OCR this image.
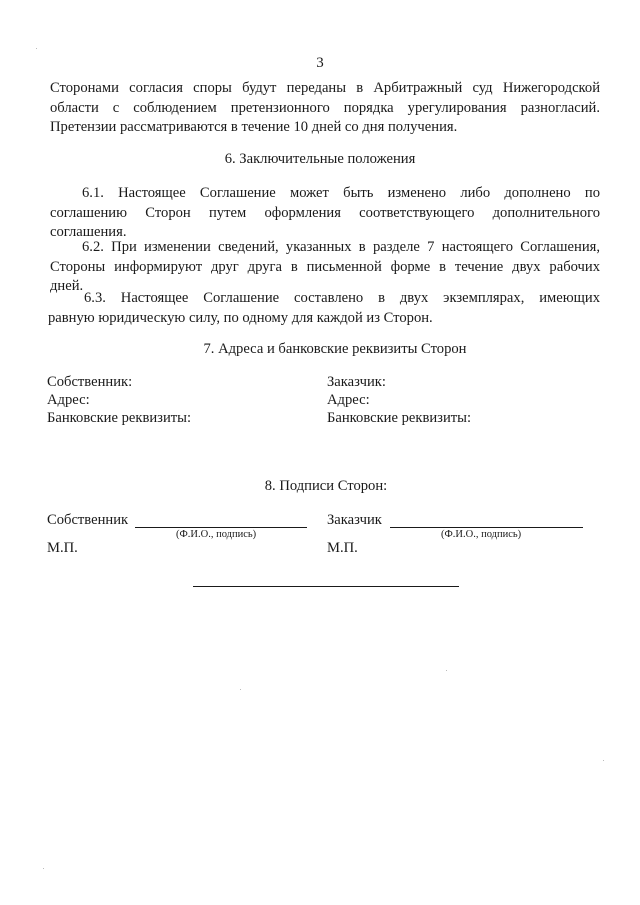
3
Сторонами согласия споры будут переданы в Арбитражный суд Нижегородской
области с соблюдением претензионного порядка урегулирования разногласий.
Претензии рассматриваются в течение 10 дней со дня получения.
6. Заключительные положения
6.1. Настоящее Соглашение может быть изменено либо дополнено по
соглашению Сторон путем оформления соответствующего дополнительного
соглашения.
6.2. При изменении сведений, указанных в разделе 7 настоящего Соглашения,
Стороны информируют друг друга в письменной форме в течение двух рабочих
дней.
6.3. Настоящее Соглашение составлено в двух экземплярах, имеющих
равную юридическую силу, по одному для каждой из Сторон.
7. Адреса и банковские реквизиты Сторон
Собственник:
Адрес:
Банковские реквизиты:
Заказчик:
Адрес:
Банковские реквизиты:
8. Подписи Сторон:
Собственник
(Ф.И.О., подпись)
М.П.
Заказчик
(Ф.И.О., подпись)
М.П.
